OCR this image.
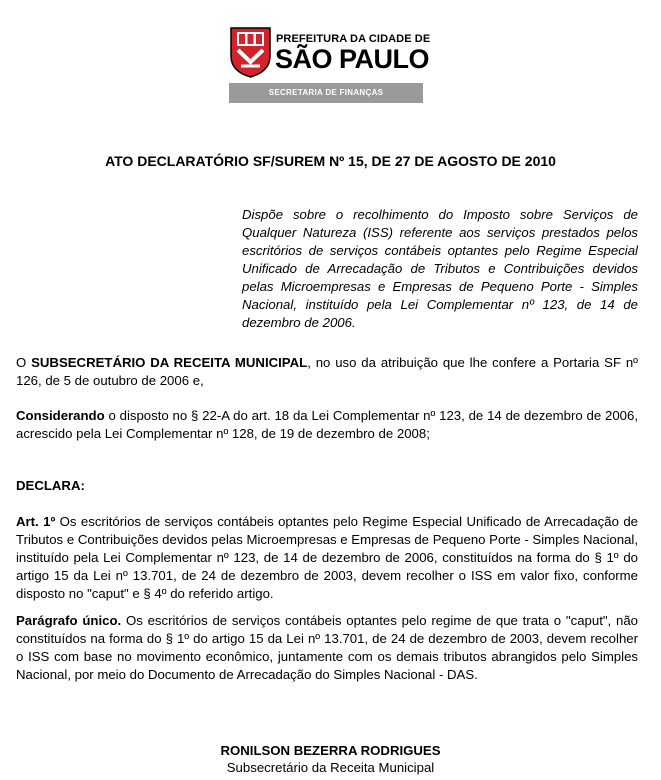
PREFEITURA DA CIDADE DE
SÃO PAULO
SECRETARIA DE FINANÇAS
ATO DECLARATÓRIO SF/SUREM Nº 15, DE 27 DE AGOSTO DE 2010

Dispõe sobre o recolhimento do Imposto sobre Serviços de Qualquer Natureza (ISS) referente aos serviços prestados pelos escritórios de serviços contábeis optantes pelo Regime Especial Unificado de Arrecadação de Tributos e Contribuições devidos pelas Microempresas e Empresas de Pequeno Porte - Simples Nacional, instituído pela Lei Complementar nº 123, de 14 de dezembro de 2006.

O SUBSECRETÁRIO DA RECEITA MUNICIPAL, no uso da atribuição que lhe confere a Portaria SF nº 126, de 5 de outubro de 2006 e,

Considerando o disposto no § 22-A do art. 18 da Lei Complementar nº 123, de 14 de dezembro de 2006, acrescido pela Lei Complementar nº 128, de 19 de dezembro de 2008;

DECLARA:

Art. 1º Os escritórios de serviços contábeis optantes pelo Regime Especial Unificado de Arrecadação de Tributos e Contribuições devidos pelas Microempresas e Empresas de Pequeno Porte - Simples Nacional, instituído pela Lei Complementar nº 123, de 14 de dezembro de 2006, constituídos na forma do § 1º do artigo 15 da Lei nº 13.701, de 24 de dezembro de 2003, devem recolher o ISS em valor fixo, conforme disposto no "caput" e § 4º do referido artigo.

Parágrafo único. Os escritórios de serviços contábeis optantes pelo regime de que trata o "caput", não constituídos na forma do § 1º do artigo 15 da Lei nº 13.701, de 24 de dezembro de 2003, devem recolher o ISS com base no movimento econômico, juntamente com os demais tributos abrangidos pelo Simples Nacional, por meio do Documento de Arrecadação do Simples Nacional - DAS.

RONILSON BEZERRA RODRIGUES
Subsecretário da Receita Municipal
